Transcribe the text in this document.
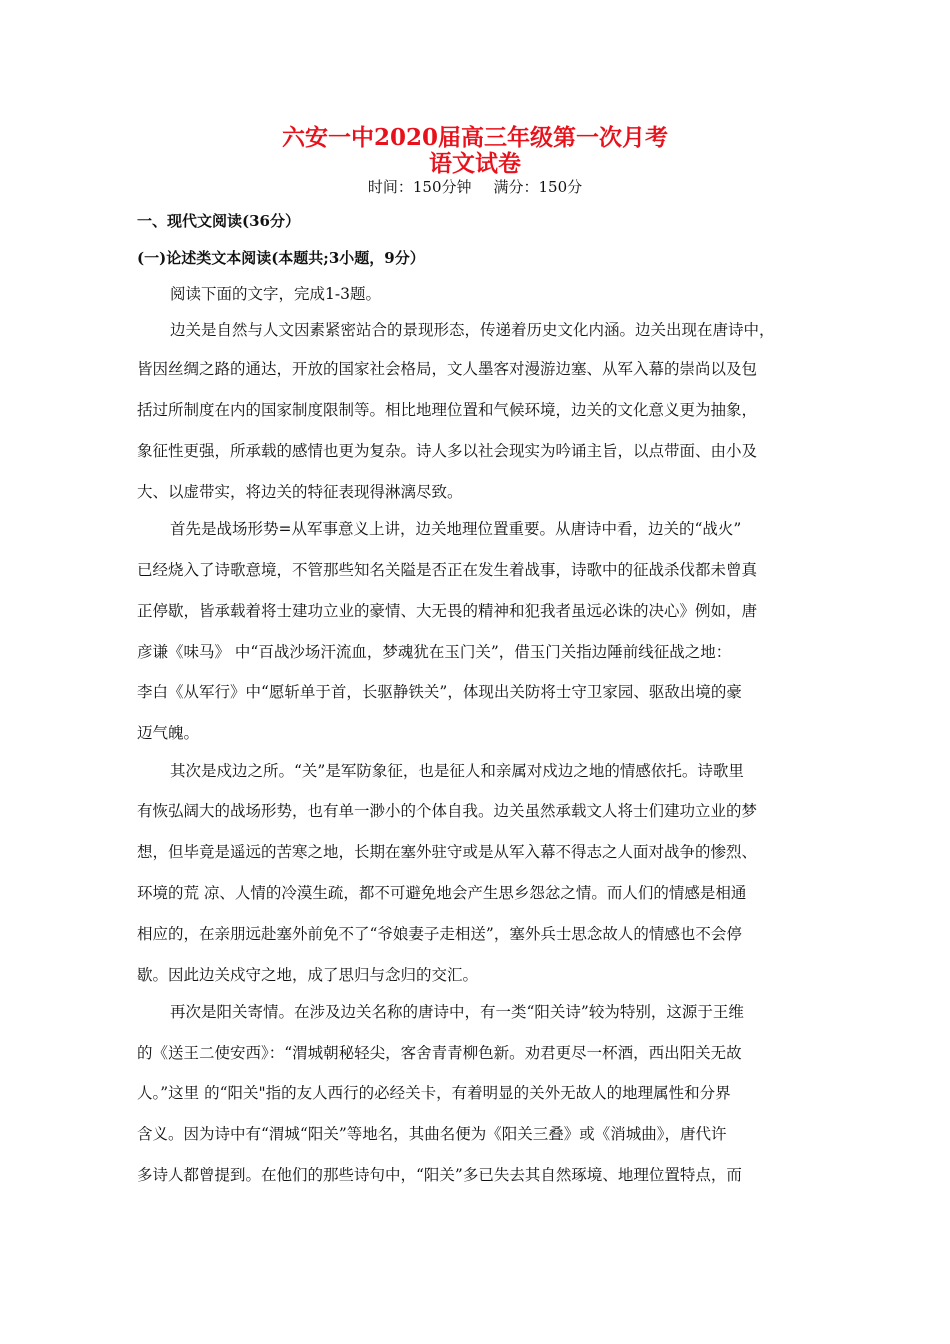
六安一中2020届高三年级第一次月考
语文试卷
时间：150分钟 满分：150分
一、现代文阅读(36分）
(一)论述类文本阅读(本题共;3小题，9分）
阅读下面的文字，完成1-3题。
边关是自然与人文因素紧密站合的景现形态，传递着历史文化内涵。边关出现在唐诗中，
皆因丝绸之路的通达，开放的国家社会格局，文人墨客对漫游边塞、从军入幕的崇尚以及包
括过所制度在内的国家制度限制等。相比地理位置和气候环境，边关的文化意义更为抽象，
象征性更强，所承载的感情也更为复杂。诗人多以社会现实为吟诵主旨，以点带面、由小及
大、以虚带实，将边关的特征表现得淋漓尽致。
首先是战场形势=从军事意义上讲，边关地理位置重要。从唐诗中看，边关的“战火”
已经烧入了诗歌意境，不管那些知名关隘是否正在发生着战事，诗歌中的征战杀伐都未曾真
正停歇，皆承载着将士建功立业的豪情、大无畏的精神和犯我者虽远必诛的决心》例如，唐
彦谦《味马》 中“百战沙场汗流血，梦魂犹在玉门关”，借玉门关指边陲前线征战之地：
李白《从军行》中“愿斩单于首，长驱静铁关”，体现出关防将士守卫家园、驱敌出境的豪
迈气魄。
其次是戍边之所。“关”是军防象征，也是征人和亲属对戍边之地的情感依托。诗歌里
有恢弘阔大的战场形势，也有单一渺小的个体自我。边关虽然承载文人将士们建功立业的梦
想，但毕竟是遥远的苦寒之地，长期在塞外驻守或是从军入幕不得志之人面对战争的惨烈、
环境的荒 凉、人情的冷漠生疏，都不可避免地会产生思乡怨忿之情。而人们的情感是相通
相应的，在亲朋远赴塞外前免不了“爷娘妻子走相送”，塞外兵士思念故人的情感也不会停
歇。因此边关戍守之地，成了思归与念归的交汇。
再次是阳关寄情。在涉及边关名称的唐诗中，有一类“阳关诗”较为特别，这源于王维
的《送王二使安西》：“渭城朝秘轻尖，客舍青青柳色新。劝君更尽一杯酒，西出阳关无故
人。”这里 的“阳关"指的友人西行的必经关卡，有着明显的关外无故人的地理属性和分界
含义。因为诗中有“渭城“阳关”等地名，其曲名便为《阳关三叠》或《消城曲》，唐代许
多诗人都曾提到。在他们的那些诗句中，“阳关”多已失去其自然琢境、地理位置特点，而
